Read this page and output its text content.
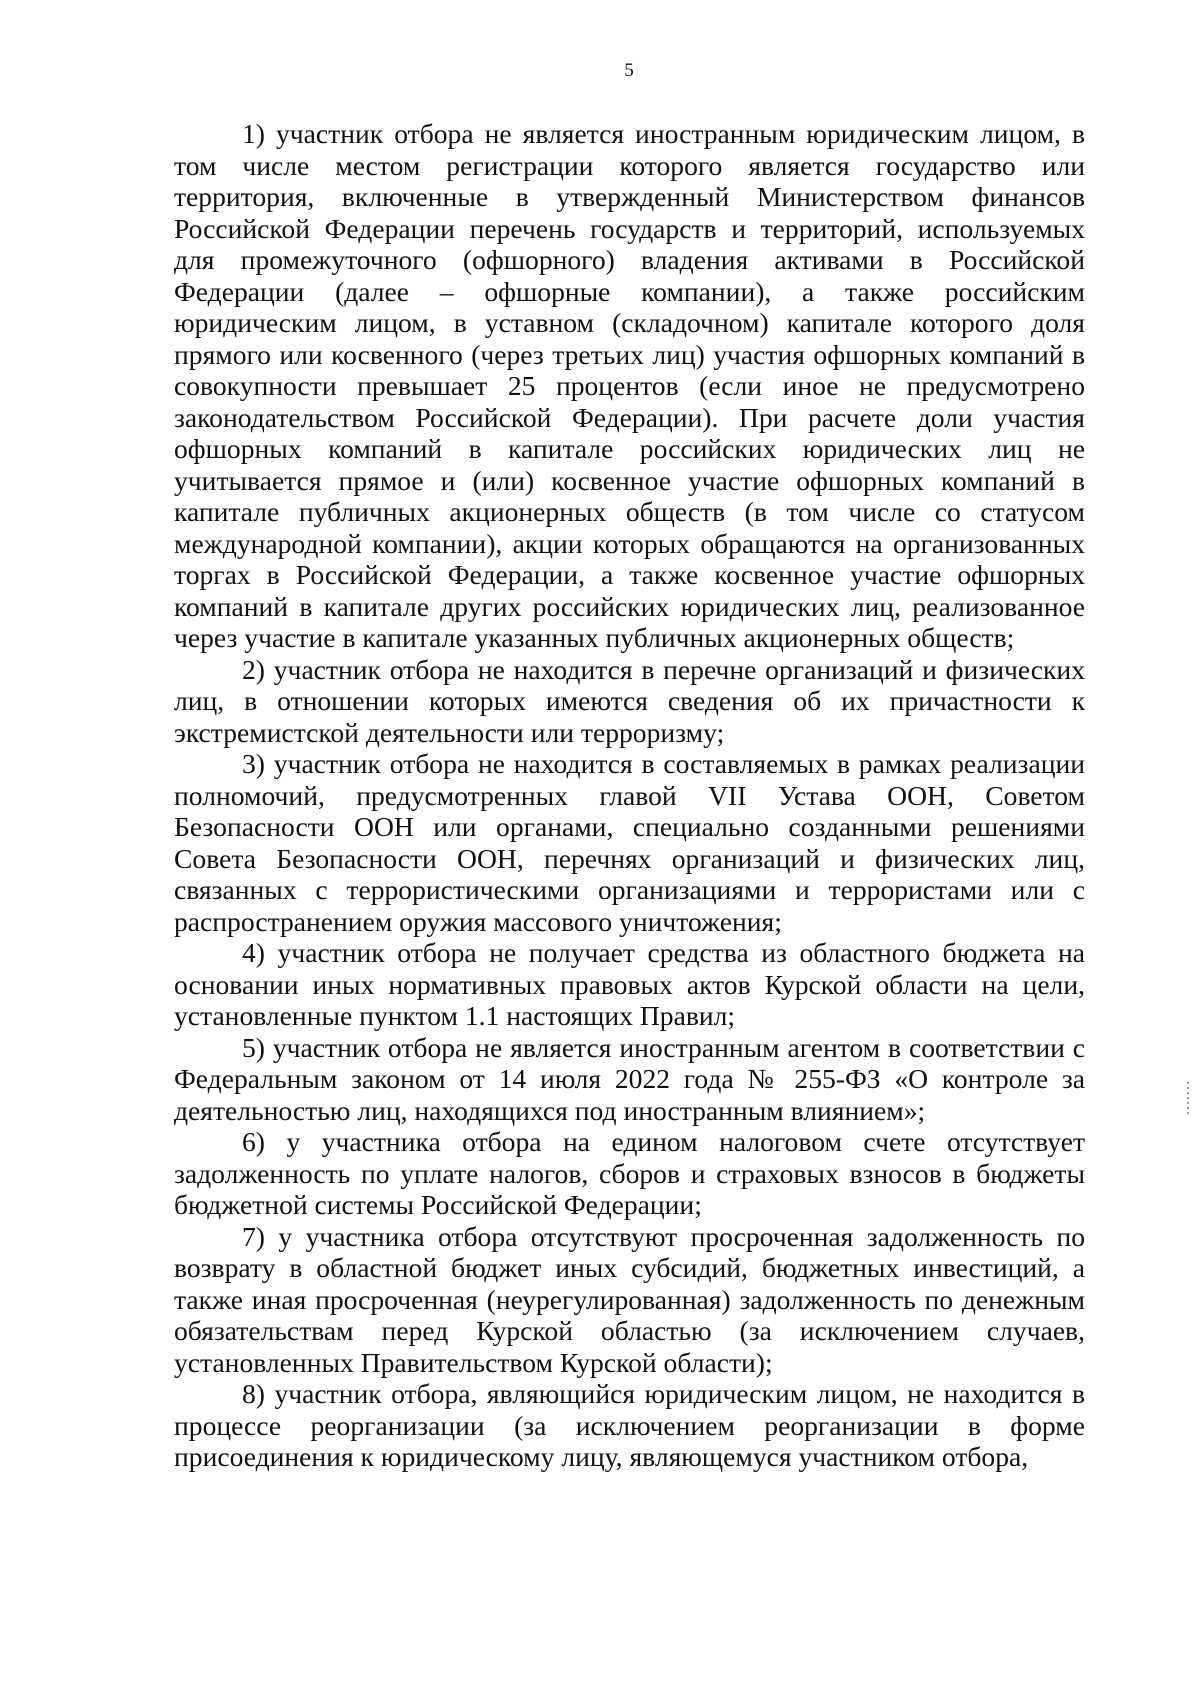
5

1) участник отбора не является иностранным юридическим лицом, в том числе местом регистрации которого является государство или территория, включенные в утвержденный Министерством финансов Российской Федерации перечень государств и территорий, используемых для промежуточного (офшорного) владения активами в Российской Федерации (далее – офшорные компании), а также российским юридическим лицом, в уставном (складочном) капитале которого доля прямого или косвенного (через третьих лиц) участия офшорных компаний в совокупности превышает 25 процентов (если иное не предусмотрено законодательством Российской Федерации). При расчете доли участия офшорных компаний в капитале российских юридических лиц не учитывается прямое и (или) косвенное участие офшорных компаний в капитале публичных акционерных обществ (в том числе со статусом международной компании), акции которых обращаются на организованных торгах в Российской Федерации, а также косвенное участие офшорных компаний в капитале других российских юридических лиц, реализованное через участие в капитале указанных публичных акционерных обществ;

2) участник отбора не находится в перечне организаций и физических лиц, в отношении которых имеются сведения об их причастности к экстремистской деятельности или терроризму;

3) участник отбора не находится в составляемых в рамках реализации полномочий, предусмотренных главой VII Устава ООН, Советом Безопасности ООН или органами, специально созданными решениями Совета Безопасности ООН, перечнях организаций и физических лиц, связанных с террористическими организациями и террористами или с распространением оружия массового уничтожения;

4) участник отбора не получает средства из областного бюджета на основании иных нормативных правовых актов Курской области на цели, установленные пунктом 1.1 настоящих Правил;

5) участник отбора не является иностранным агентом в соответствии с Федеральным законом от 14 июля 2022 года № 255-ФЗ «О контроле за деятельностью лиц, находящихся под иностранным влиянием»;

6) у участника отбора на едином налоговом счете отсутствует задолженность по уплате налогов, сборов и страховых взносов в бюджеты бюджетной системы Российской Федерации;

7) у участника отбора отсутствуют просроченная задолженность по возврату в областной бюджет иных субсидий, бюджетных инвестиций, а также иная просроченная (неурегулированная) задолженность по денежным обязательствам перед Курской областью (за исключением случаев, установленных Правительством Курской области);

8) участник отбора, являющийся юридическим лицом, не находится в процессе реорганизации (за исключением реорганизации в форме присоединения к юридическому лицу, являющемуся участником отбора,
